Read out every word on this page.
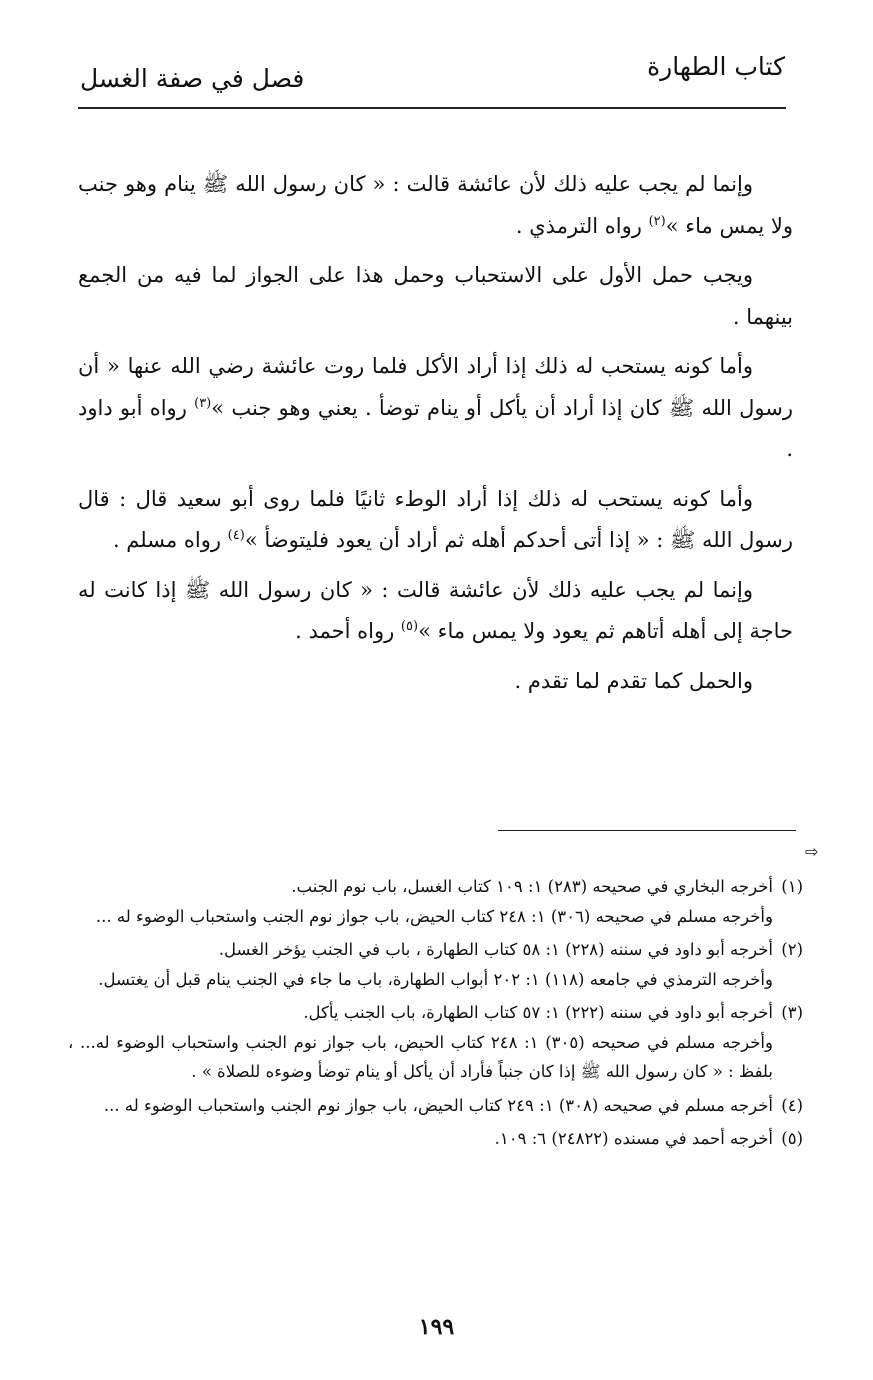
كتاب الطهارة
فصل في صفة الغسل

وإنما لم يجب عليه ذلك لأن عائشة قالت : « كان رسول الله ﷺ ينام وهو جنب ولا يمس ماء »$^{(٢)}$ رواه الترمذي .

ويجب حمل الأول على الاستحباب وحمل هذا على الجواز لما فيه من الجمع بينهما .

وأما كونه يستحب له ذلك إذا أراد الأكل فلما روت عائشة رضي الله عنها « أن رسول الله ﷺ كان إذا أراد أن يأكل أو ينام توضأ . يعني وهو جنب »$^{(٣)}$ رواه أبو داود .

وأما كونه يستحب له ذلك إذا أراد الوطء ثانيًا فلما روى أبو سعيد قال : قال رسول الله ﷺ : « إذا أتى أحدكم أهله ثم أراد أن يعود فليتوضأ »$^{(٤)}$ رواه مسلم .

وإنما لم يجب عليه ذلك لأن عائشة قالت : « كان رسول الله ﷺ إذا كانت له حاجة إلى أهله أتاهم ثم يعود ولا يمس ماء »$^{(٥)}$ رواه أحمد .

والحمل كما تقدم لما تقدم .

⇨
(١)
أخرجه البخاري في صحيحه (٢٨٣) ١: ١٠٩ كتاب الغسل، باب نوم الجنب.
وأخرجه مسلم في صحيحه (٣٠٦) ١: ٢٤٨ كتاب الحيض، باب جواز نوم الجنب واستحباب الوضوء له ...
(٢)
أخرجه أبو داود في سننه (٢٢٨) ١: ٥٨ كتاب الطهارة ، باب في الجنب يؤخر الغسل.
وأخرجه الترمذي في جامعه (١١٨) ١: ٢٠٢ أبواب الطهارة، باب ما جاء في الجنب ينام قبل أن يغتسل.
(٣)
أخرجه أبو داود في سننه (٢٢٢) ١: ٥٧ كتاب الطهارة، باب الجنب يأكل.
وأخرجه مسلم في صحيحه (٣٠٥) ١: ٢٤٨ كتاب الحيض، باب جواز نوم الجنب واستحباب الوضوء له... ، بلفظ : « كان رسول الله ﷺ إذا كان جنباً فأراد أن يأكل أو ينام توضأ وضوءه للصلاة » .
(٤)
أخرجه مسلم في صحيحه (٣٠٨) ١: ٢٤٩ كتاب الحيض، باب جواز نوم الجنب واستحباب الوضوء له ...
(٥)
أخرجه أحمد في مسنده (٢٤٨٢٢) ٦: ١٠٩.
١٩٩
